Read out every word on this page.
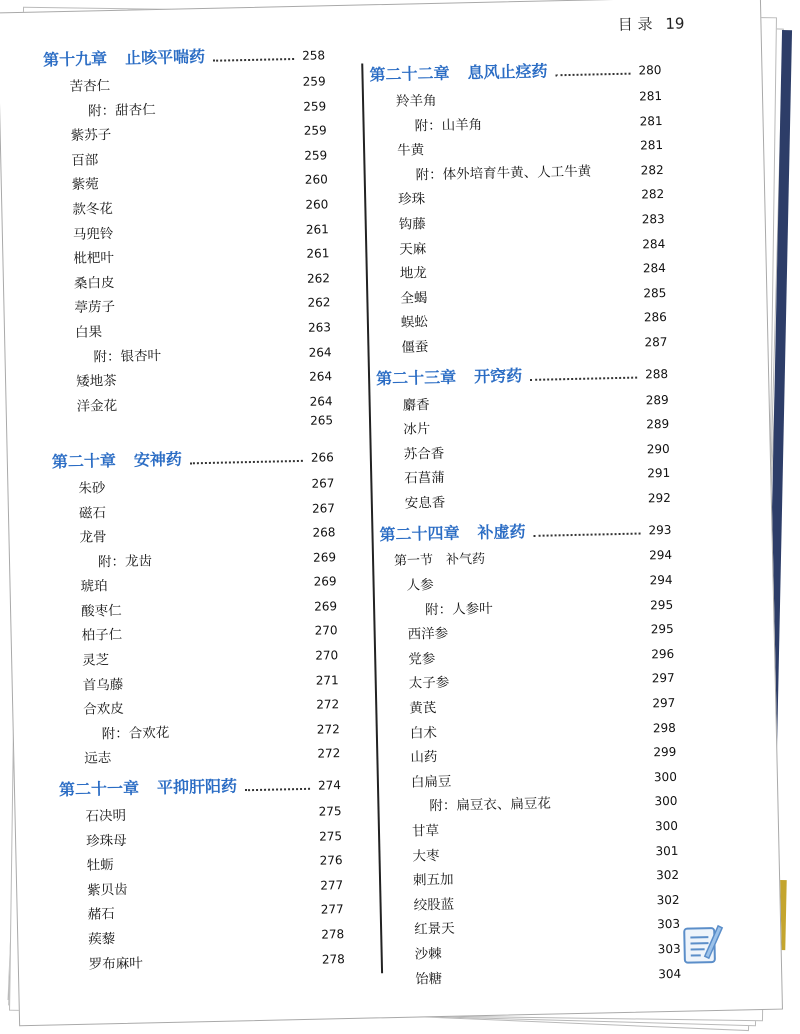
目 录 19
第十九章 止咳平喘药	258
苦杏仁	259
附：甜杏仁	259
紫苏子	259
百部	259
紫菀	260
款冬花	260
马兜铃	261
枇杷叶	261
桑白皮	262
葶苈子	262
白果	263
附：银杏叶	264
矮地茶	264
洋金花	264
265
第二十章 安神药	266
朱砂	267
磁石	267
龙骨	268
附：龙齿	269
琥珀	269
酸枣仁	269
柏子仁	270
灵芝	270
首乌藤	271
合欢皮	272
附：合欢花	272
远志	272
第二十一章 平抑肝阳药	274
石决明	275
珍珠母	275
牡蛎	276
紫贝齿	277
赭石	277
蒺藜	278
罗布麻叶	278
第二十二章 息风止痉药	280
羚羊角	281
附：山羊角	281
牛黄	281
附：体外培育牛黄、人工牛黄	282
珍珠	282
钩藤	283
天麻	284
地龙	284
全蝎	285
蜈蚣	286
僵蚕	287
第二十三章 开窍药	288
麝香	289
冰片	289
苏合香	290
石菖蒲	291
安息香	292
第二十四章 补虚药	293
第一节　补气药	294
人参	294
附：人参叶	295
西洋参	295
党参	296
太子参	297
黄芪	297
白术	298
山药	299
白扁豆	300
附：扁豆衣、扁豆花	300
甘草	300
大枣	301
刺五加	302
绞股蓝	302
红景天	303
沙棘	303
饴糖	304
